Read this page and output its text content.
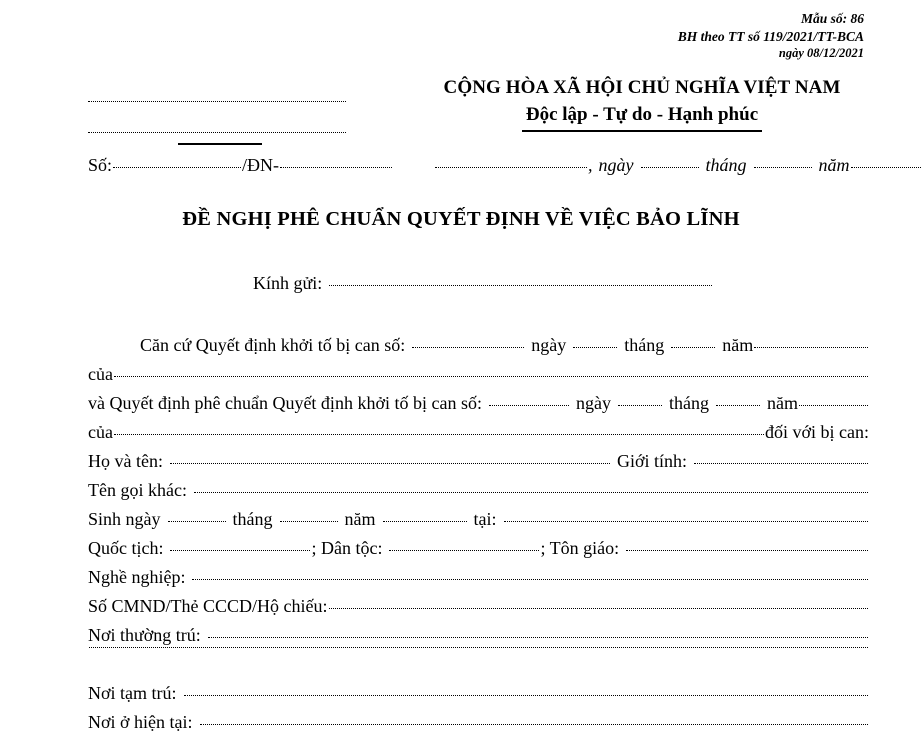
Mẫu số: 86
BH theo TT số 119/2021/TT-BCA
ngày 08/12/2021
CỘNG HÒA XÃ HỘI CHỦ NGHĨA VIỆT NAM
Độc lập - Tự do - Hạnh phúc
Số:	/ĐN-	, ngày	tháng	năm
ĐỀ NGHỊ PHÊ CHUẨN QUYẾT ĐỊNH VỀ VIỆC BẢO LĨNH
Kính gửi:
Căn cứ Quyết định khởi tố bị can số:	ngày	tháng	năm
của
và Quyết định phê chuẩn Quyết định khởi tố bị can số:	ngày	tháng	năm
của	đối với bị can:
Họ và tên:	Giới tính:
Tên gọi khác:
Sinh ngày	tháng	năm	tại:
Quốc tịch:	; Dân tộc:	; Tôn giáo:
Nghề nghiệp:
Số CMND/Thẻ CCCD/Hộ chiếu:
Nơi thường trú:
Nơi tạm trú:
Nơi ở hiện tại:
